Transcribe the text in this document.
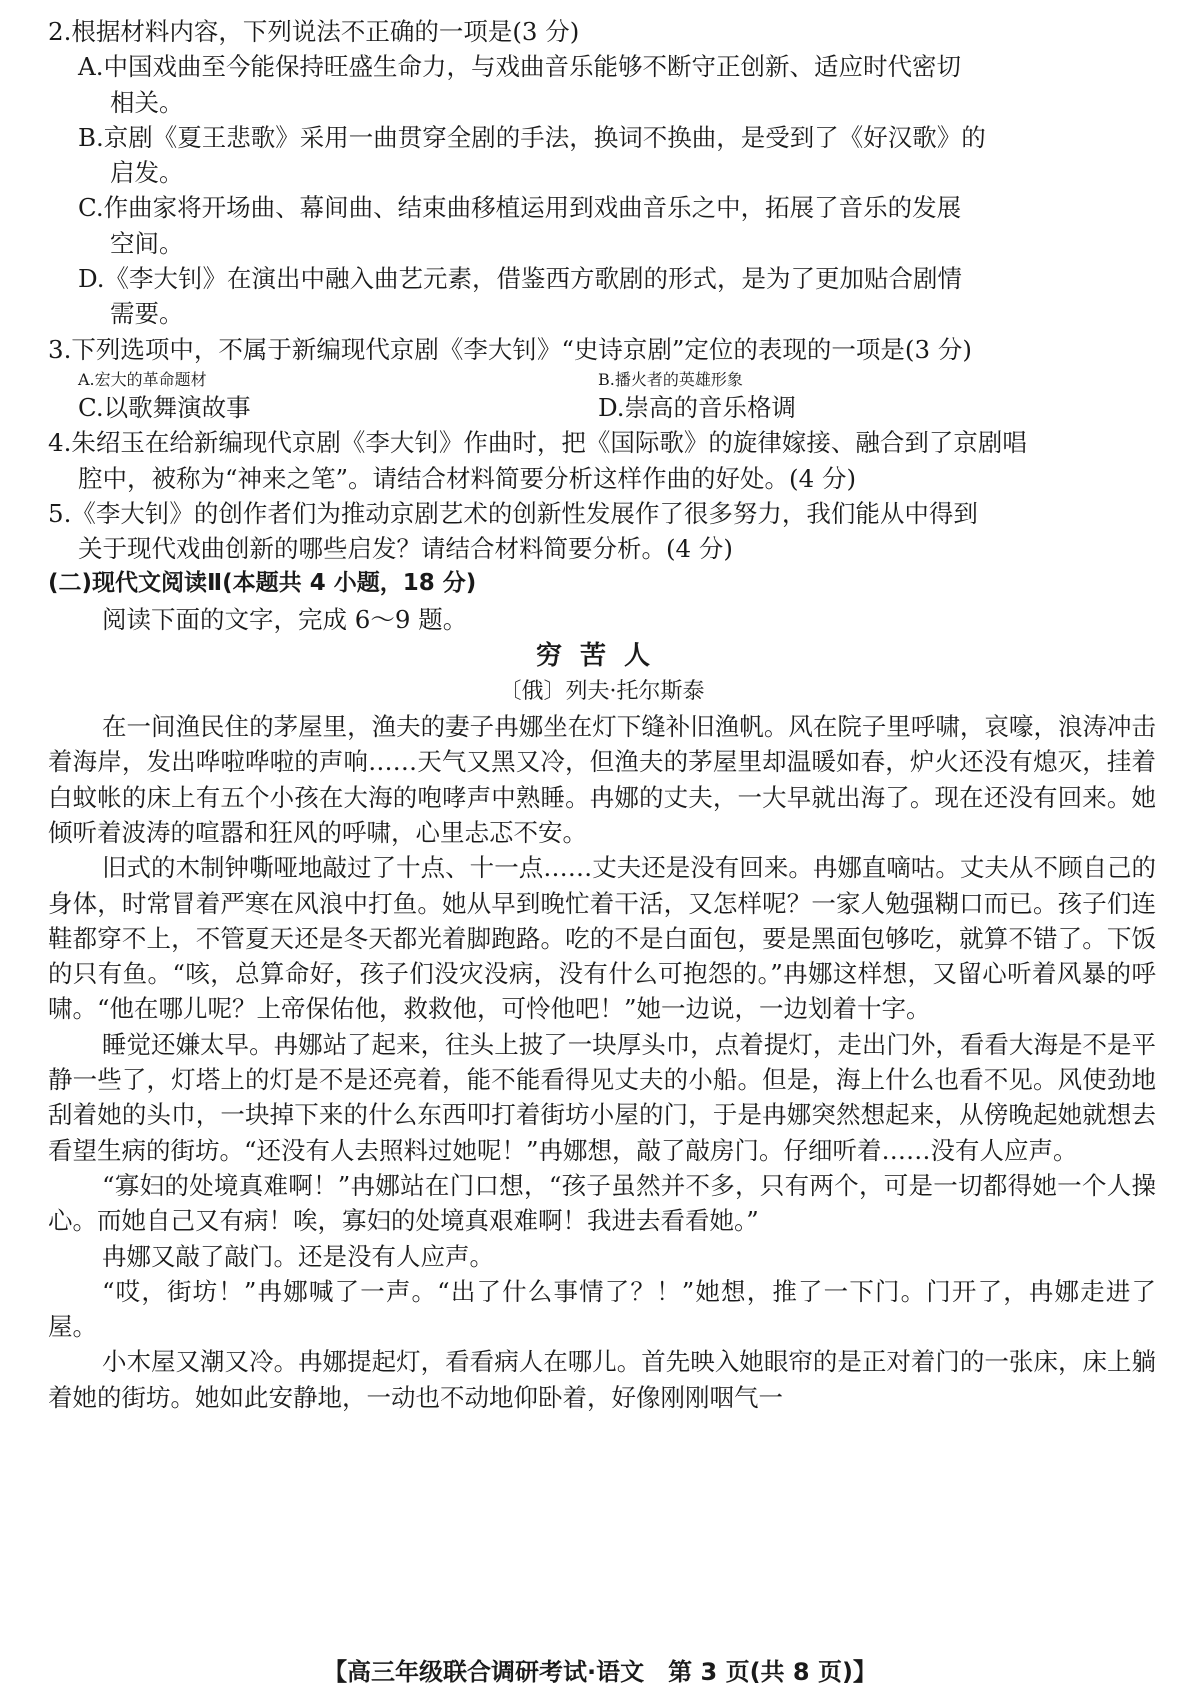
2.根据材料内容，下列说法不正确的一项是(3 分)
A.中国戏曲至今能保持旺盛生命力，与戏曲音乐能够不断守正创新、适应时代密切
相关。
B.京剧《夏王悲歌》采用一曲贯穿全剧的手法，换词不换曲，是受到了《好汉歌》的
启发。
C.作曲家将开场曲、幕间曲、结束曲移植运用到戏曲音乐之中，拓展了音乐的发展
空间。
D.《李大钊》在演出中融入曲艺元素，借鉴西方歌剧的形式，是为了更加贴合剧情
需要。
3.下列选项中，不属于新编现代京剧《李大钊》“史诗京剧”定位的表现的一项是(3 分)
A.宏大的革命题材	B.播火者的英雄形象
C.以歌舞演故事	D.崇高的音乐格调
4.朱绍玉在给新编现代京剧《李大钊》作曲时，把《国际歌》的旋律嫁接、融合到了京剧唱
腔中，被称为“神来之笔”。请结合材料简要分析这样作曲的好处。(4 分)
5.《李大钊》的创作者们为推动京剧艺术的创新性发展作了很多努力，我们能从中得到
关于现代戏曲创新的哪些启发？请结合材料简要分析。(4 分)
(二)现代文阅读Ⅱ(本题共 4 小题，18 分)
阅读下面的文字，完成 6～9 题。
穷苦人
〔俄〕列夫·托尔斯泰
在一间渔民住的茅屋里，渔夫的妻子冉娜坐在灯下缝补旧渔帆。风在院子里呼啸，哀嚎，浪涛冲击着海岸，发出哗啦哗啦的声响……天气又黑又冷，但渔夫的茅屋里却温暖如春，炉火还没有熄灭，挂着白蚊帐的床上有五个小孩在大海的咆哮声中熟睡。冉娜的丈夫，一大早就出海了。现在还没有回来。她倾听着波涛的喧嚣和狂风的呼啸，心里忐忑不安。
旧式的木制钟嘶哑地敲过了十点、十一点……丈夫还是没有回来。冉娜直嘀咕。丈夫从不顾自己的身体，时常冒着严寒在风浪中打鱼。她从早到晚忙着干活，又怎样呢？一家人勉强糊口而已。孩子们连鞋都穿不上，不管夏天还是冬天都光着脚跑路。吃的不是白面包，要是黑面包够吃，就算不错了。下饭的只有鱼。“咳，总算命好，孩子们没灾没病，没有什么可抱怨的。”冉娜这样想，又留心听着风暴的呼啸。“他在哪儿呢？上帝保佑他，救救他，可怜他吧！”她一边说，一边划着十字。
睡觉还嫌太早。冉娜站了起来，往头上披了一块厚头巾，点着提灯，走出门外，看看大海是不是平静一些了，灯塔上的灯是不是还亮着，能不能看得见丈夫的小船。但是，海上什么也看不见。风使劲地刮着她的头巾，一块掉下来的什么东西叩打着街坊小屋的门，于是冉娜突然想起来，从傍晚起她就想去看望生病的街坊。“还没有人去照料过她呢！”冉娜想，敲了敲房门。仔细听着……没有人应声。
“寡妇的处境真难啊！”冉娜站在门口想，“孩子虽然并不多，只有两个，可是一切都得她一个人操心。而她自己又有病！唉，寡妇的处境真艰难啊！我进去看看她。”
冉娜又敲了敲门。还是没有人应声。
“哎，街坊！”冉娜喊了一声。“出了什么事情了？！”她想，推了一下门。门开了，冉娜走进了屋。
小木屋又潮又冷。冉娜提起灯，看看病人在哪儿。首先映入她眼帘的是正对着门的一张床，床上躺着她的街坊。她如此安静地，一动也不动地仰卧着，好像刚刚咽气一
【高三年级联合调研考试·语文　第 3 页(共 8 页)】
